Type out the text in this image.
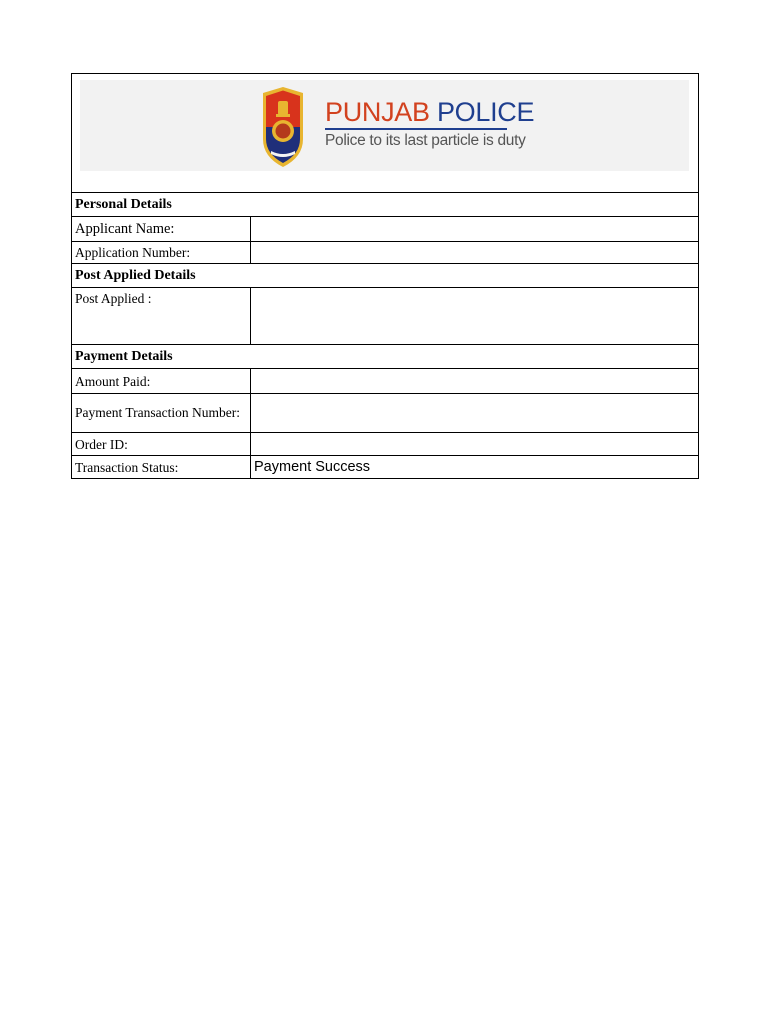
PUNJAB POLICE
Police to its last particle is duty	

Personal Details	
Applicant Name:	
Application Number:	
Post Applied Details	
Post Applied :	
Payment Details	
Amount Paid:	
Payment Transaction Number:	
Order ID:	
Transaction Status:	Payment Success
